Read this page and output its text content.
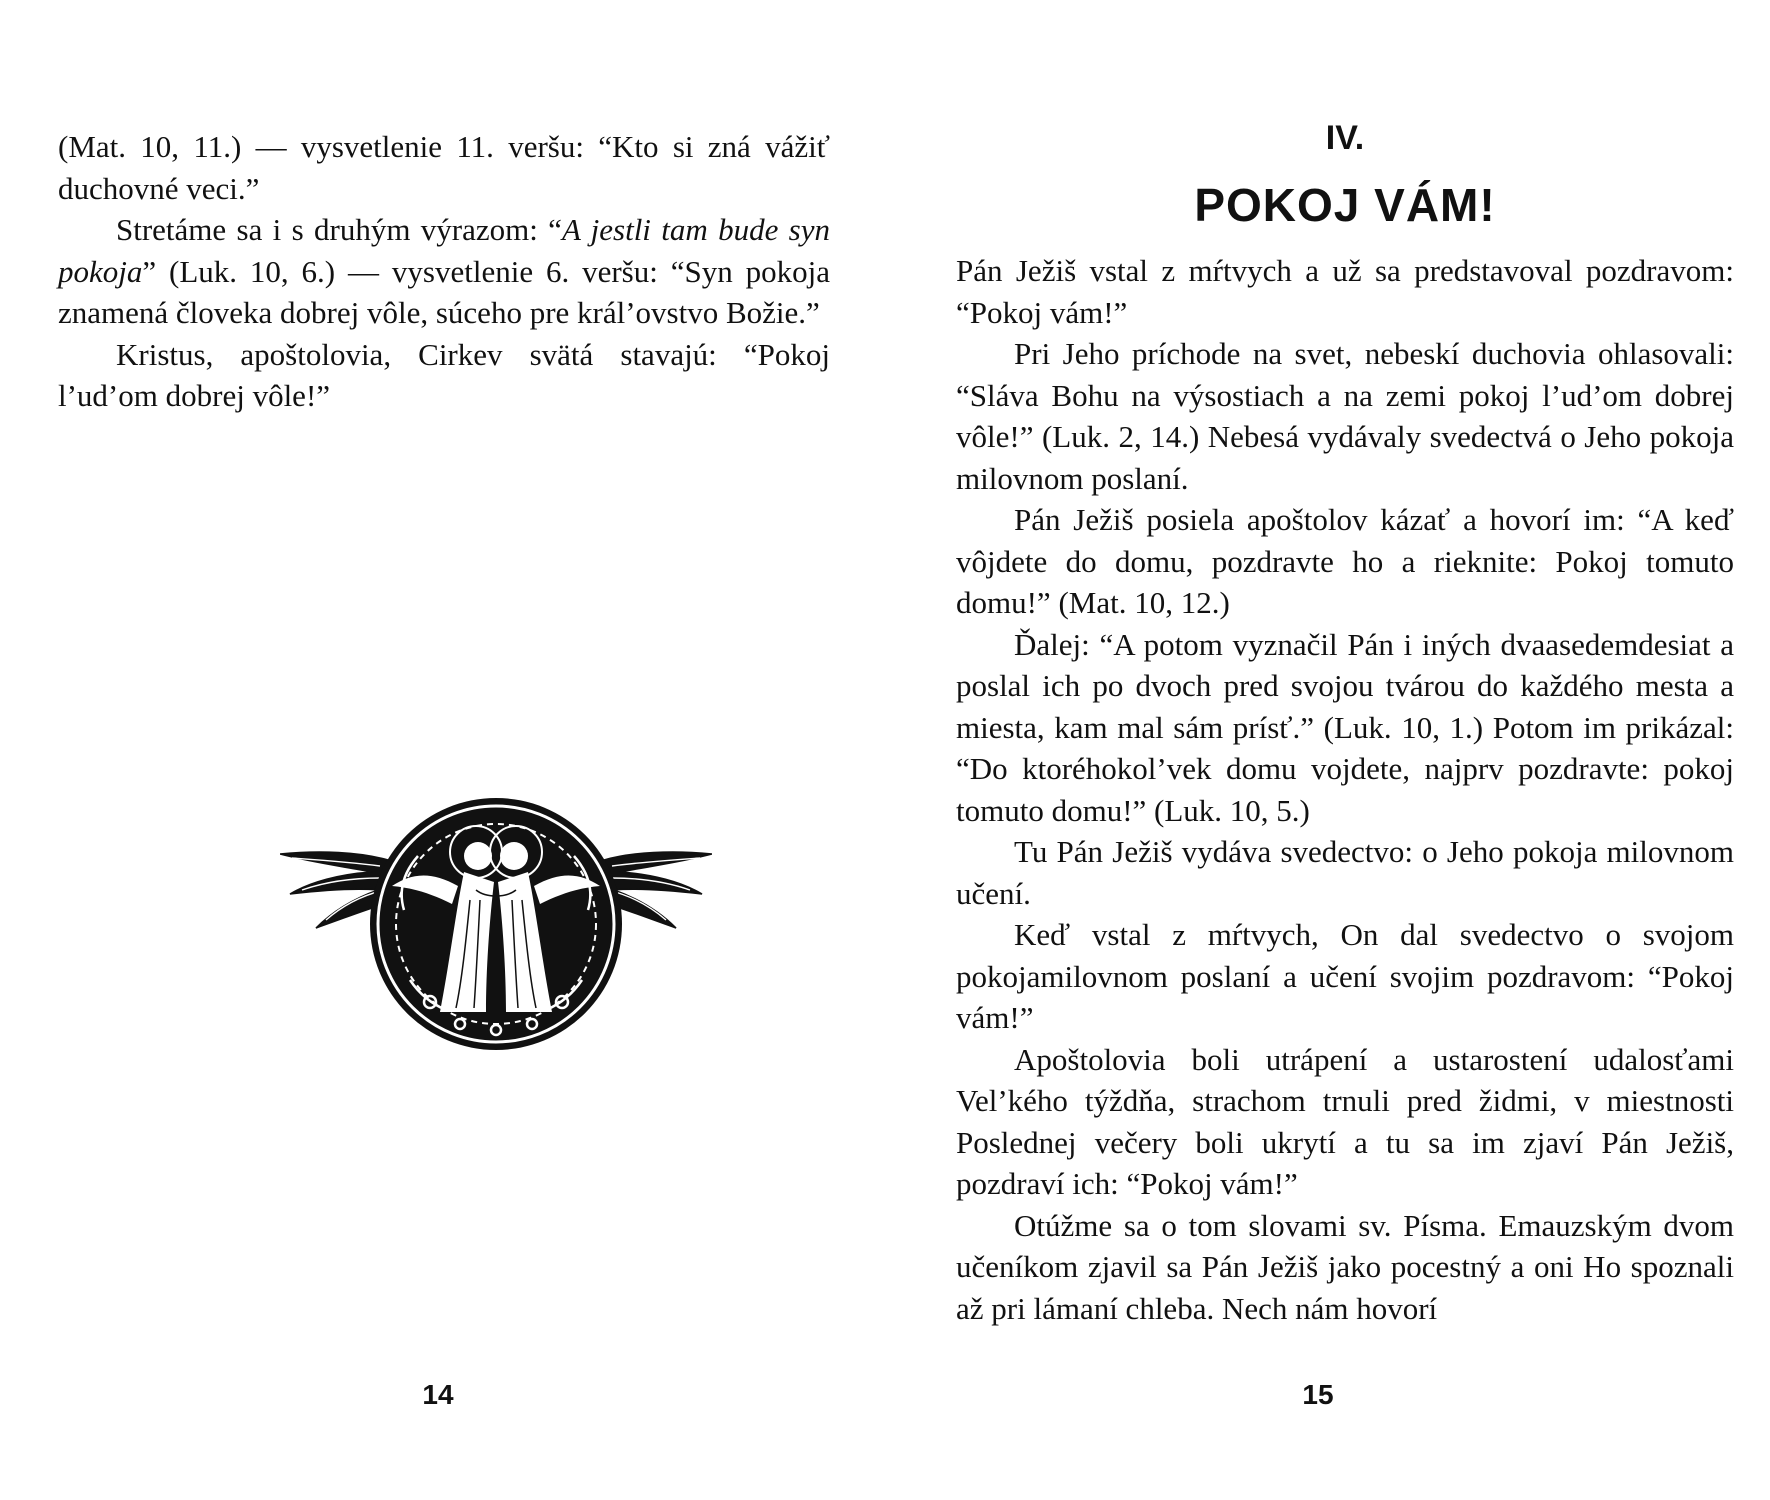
(Mat. 10, 11.) — vysvetlenie 11. veršu: “Kto si zná vážiť duchovné veci.”

Stretáme sa i s druhým výrazom: “A jestli tam bude syn pokoja” (Luk. 10, 6.) — vysvetlenie 6. veršu: “Syn pokoja znamená človeka dobrej vôle, súceho pre král’ovstvo Božie.”

Kristus, apoštolovia, Cirkev svätá stavajú: “Pokoj l’ud’om dobrej vôle!”

14
IV.
POKOJ VÁM!

Pán Ježiš vstal z mŕtvych a už sa predstavoval pozdravom: “Pokoj vám!”

Pri Jeho príchode na svet, nebeskí duchovia ohlasovali: “Sláva Bohu na výsostiach a na zemi pokoj l’ud’om dobrej vôle!” (Luk. 2, 14.) Nebesá vydávaly svedectvá o Jeho pokoja milovnom poslaní.

Pán Ježiš posiela apoštolov kázať a hovorí im: “A keď vôjdete do domu, pozdravte ho a rieknite: Pokoj tomuto domu!” (Mat. 10, 12.)

Ďalej: “A potom vyznačil Pán i iných dvaasedemdesiat a poslal ich po dvoch pred svojou tvárou do každého mesta a miesta, kam mal sám prísť.” (Luk. 10, 1.) Potom im prikázal: “Do ktoréhokol’vek domu vojdete, najprv pozdravte: pokoj tomuto domu!” (Luk. 10, 5.)

Tu Pán Ježiš vydáva svedectvo: o Jeho pokoja milovnom učení.

Keď vstal z mŕtvych, On dal svedectvo o svojom pokojamilovnom poslaní a učení svojim pozdravom: “Pokoj vám!”

Apoštolovia boli utrápení a ustarostení udalosťami Vel’kého týždňa, strachom trnuli pred židmi, v miestnosti Poslednej večery boli ukrytí a tu sa im zjaví Pán Ježiš, pozdraví ich: “Pokoj vám!”

Otúžme sa o tom slovami sv. Písma. Emauzským dvom učeníkom zjavil sa Pán Ježiš jako pocestný a oni Ho spoznali až pri lámaní chleba. Nech nám hovorí

15
